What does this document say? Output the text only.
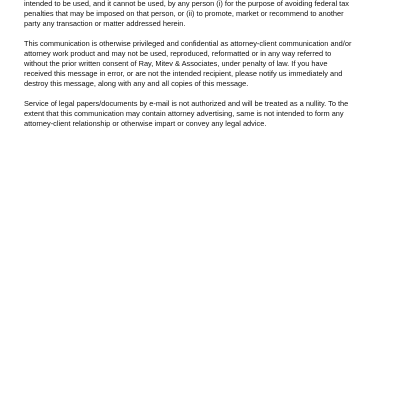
intended to be used, and it cannot be used, by any person (i) for the purpose of avoiding federal tax
penalties that may be imposed on that person, or (ii) to promote, market or recommend to another
party any transaction or matter addressed herein.
This communication is otherwise privileged and confidential as attorney-client communication and/or
attorney work product and may not be used, reproduced, reformatted or in any way referred to
without the prior written consent of Ray, Mitev & Associates, under penalty of law. If you have
received this message in error, or are not the intended recipient, please notify us immediately and
destroy this message, along with any and all copies of this message.
Service of legal papers/documents by e-mail is not authorized and will be treated as a nullity. To the
extent that this communication may contain attorney advertising, same is not intended to form any
attorney-client relationship or otherwise impart or convey any legal advice.
